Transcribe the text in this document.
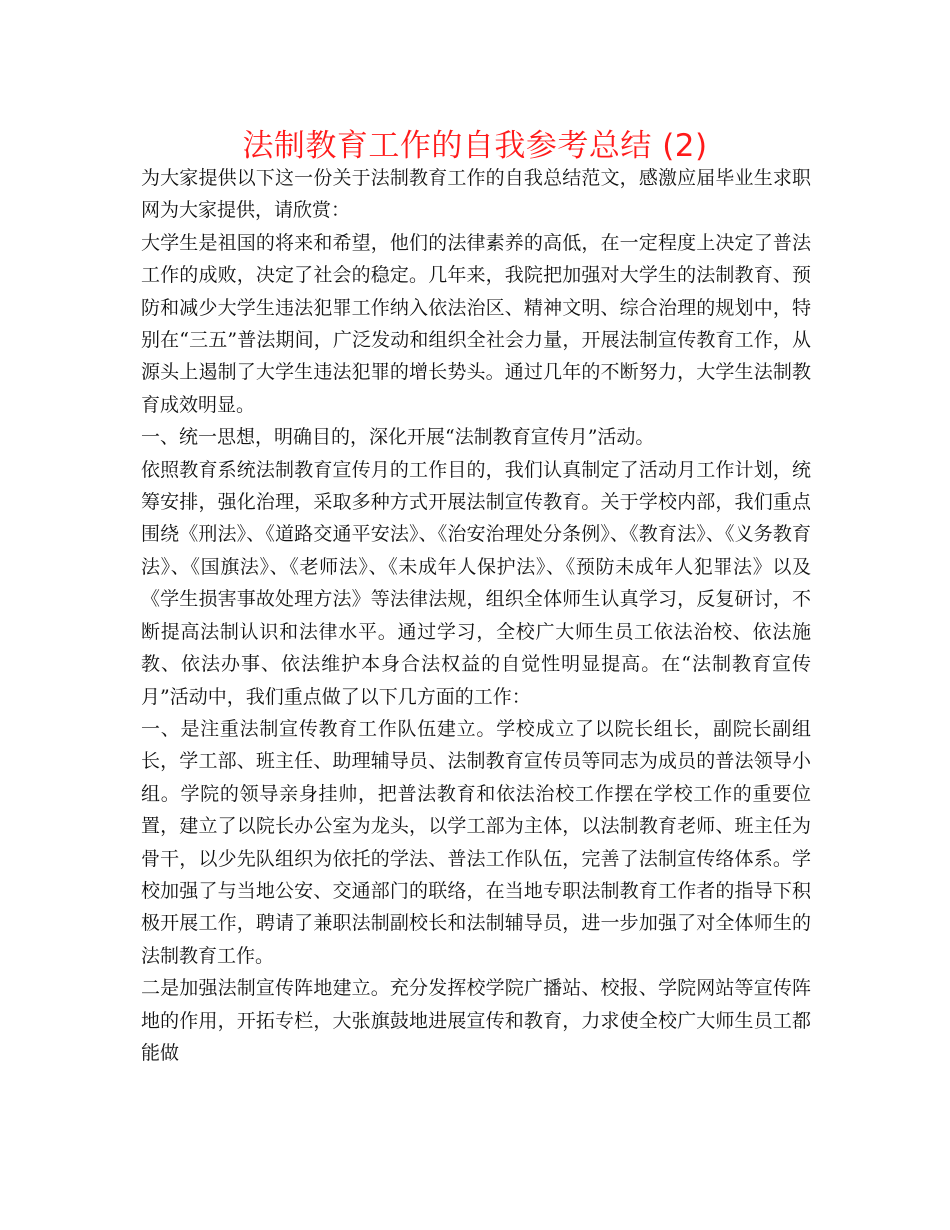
法制教育工作的自我参考总结 (2)

为大家提供以下这一份关于法制教育工作的自我总结范文，感激应届毕业生求职网为大家提供，请欣赏：

大学生是祖国的将来和希望，他们的法律素养的高低，在一定程度上决定了普法工作的成败，决定了社会的稳定。几年来，我院把加强对大学生的法制教育、预防和减少大学生违法犯罪工作纳入依法治区、精神文明、综合治理的规划中，特别在“三五”普法期间，广泛发动和组织全社会力量，开展法制宣传教育工作，从源头上遏制了大学生违法犯罪的增长势头。通过几年的不断努力，大学生法制教育成效明显。

一、统一思想，明确目的，深化开展“法制教育宣传月”活动。

依照教育系统法制教育宣传月的工作目的，我们认真制定了活动月工作计划，统筹安排，强化治理，采取多种方式开展法制宣传教育。关于学校内部，我们重点围绕《刑法》、《道路交通平安法》、《治安治理处分条例》、《教育法》、《义务教育法》、《国旗法》、《老师法》、《未成年人保护法》、《预防未成年人犯罪法》以及《学生损害事故处理方法》等法律法规，组织全体师生认真学习，反复研讨，不断提高法制认识和法律水平。通过学习，全校广大师生员工依法治校、依法施教、依法办事、依法维护本身合法权益的自觉性明显提高。在“法制教育宣传月”活动中，我们重点做了以下几方面的工作：

一、是注重法制宣传教育工作队伍建立。学校成立了以院长组长，副院长副组长，学工部、班主任、助理辅导员、法制教育宣传员等同志为成员的普法领导小组。学院的领导亲身挂帅，把普法教育和依法治校工作摆在学校工作的重要位置，建立了以院长办公室为龙头，以学工部为主体，以法制教育老师、班主任为骨干，以少先队组织为依托的学法、普法工作队伍，完善了法制宣传络体系。学校加强了与当地公安、交通部门的联络，在当地专职法制教育工作者的指导下积极开展工作，聘请了兼职法制副校长和法制辅导员，进一步加强了对全体师生的法制教育工作。

二是加强法制宣传阵地建立。充分发挥校学院广播站、校报、学院网站等宣传阵地的作用，开拓专栏，大张旗鼓地进展宣传和教育，力求使全校广大师生员工都能做
